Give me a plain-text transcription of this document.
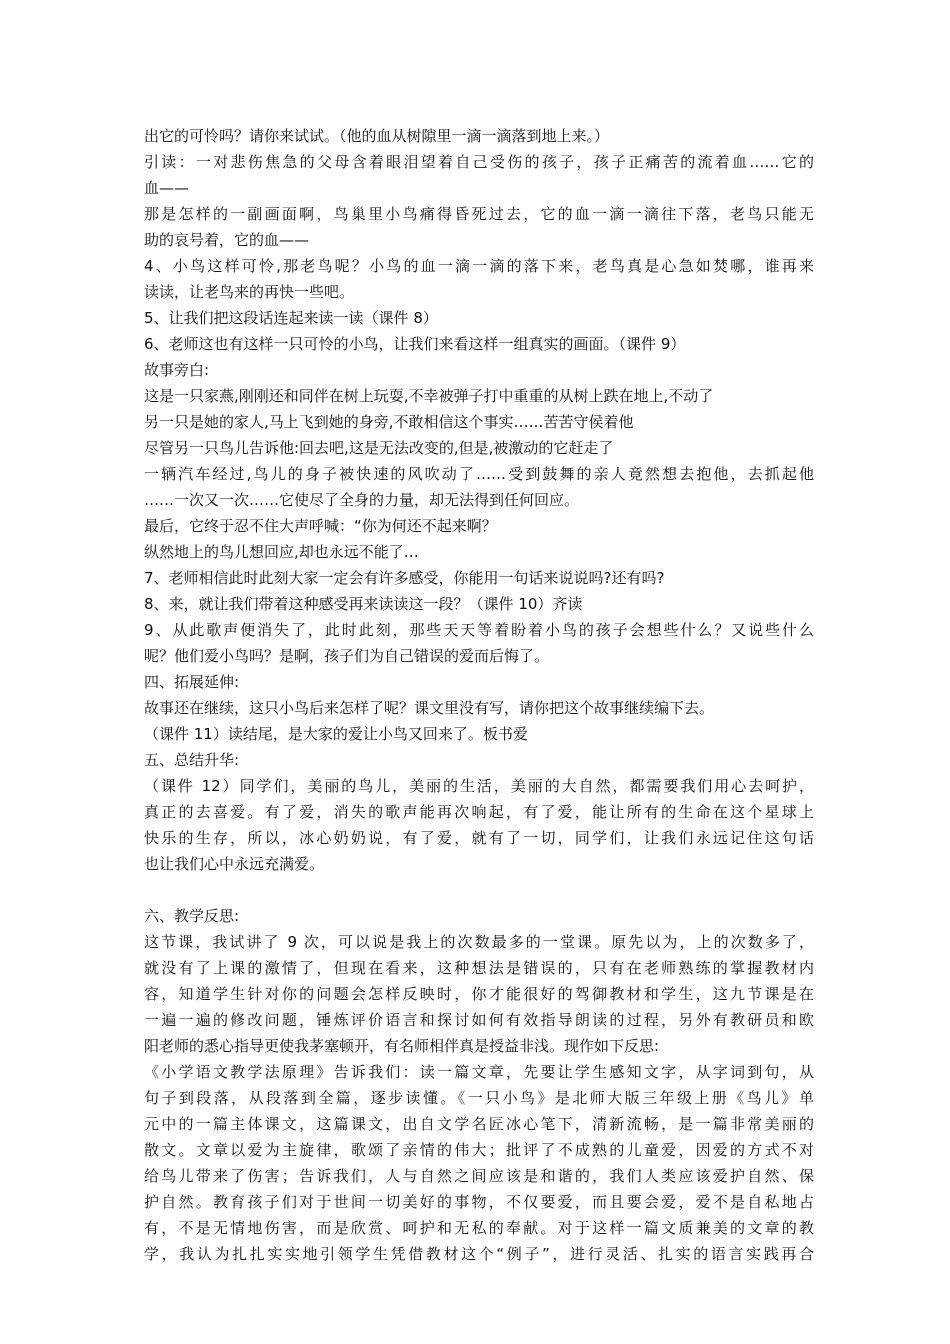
出它的可怜吗？请你来试试。（他的血从树隙里一滴一滴落到地上来。）
引读：一对悲伤焦急的父母含着眼泪望着自己受伤的孩子，孩子正痛苦的流着血……它的
血——
那是怎样的一副画面啊，鸟巢里小鸟痛得昏死过去，它的血一滴一滴往下落，老鸟只能无
助的哀号着，它的血——
4、小鸟这样可怜,那老鸟呢？小鸟的血一滴一滴的落下来，老鸟真是心急如焚哪，谁再来
读读，让老鸟来的再快一些吧。
5、让我们把这段话连起来读一读（课件 8）
6、老师这也有这样一只可怜的小鸟，让我们来看这样一组真实的画面。（课件 9）
故事旁白:
这是一只家燕,刚刚还和同伴在树上玩耍,不幸被弹子打中重重的从树上跌在地上,不动了
另一只是她的家人,马上飞到她的身旁,不敢相信这个事实……苦苦守侯着他
尽管另一只鸟儿告诉他:回去吧,这是无法改变的,但是,被激动的它赶走了
一辆汽车经过,鸟儿的身子被快速的风吹动了……受到鼓舞的亲人竟然想去抱他，去抓起他
……一次又一次……它使尽了全身的力量，却无法得到任何回应。
最后，它终于忍不住大声呼喊：“你为何还不起来啊？
纵然地上的鸟儿想回应,却也永远不能了…
7、老师相信此时此刻大家一定会有许多感受，你能用一句话来说说吗?还有吗?
8、来，就让我们带着这种感受再来读读这一段？（课件 10）齐读
9、从此歌声便消失了，此时此刻，那些天天等着盼着小鸟的孩子会想些什么？又说些什么
呢？他们爱小鸟吗？是啊，孩子们为自己错误的爱而后悔了。
四、拓展延伸:
故事还在继续，这只小鸟后来怎样了呢？课文里没有写，请你把这个故事继续编下去。
（课件 11）读结尾，是大家的爱让小鸟又回来了。板书爱
五、总结升华:
（课件 12）同学们，美丽的鸟儿，美丽的生活，美丽的大自然，都需要我们用心去呵护，
真正的去喜爱。有了爱，消失的歌声能再次响起，有了爱，能让所有的生命在这个星球上
快乐的生存，所以，冰心奶奶说，有了爱，就有了一切，同学们，让我们永远记住这句话
也让我们心中永远充满爱。
六、教学反思:
这节课，我试讲了 9 次，可以说是我上的次数最多的一堂课。原先以为，上的次数多了，
就没有了上课的激情了，但现在看来，这种想法是错误的，只有在老师熟练的掌握教材内
容，知道学生针对你的问题会怎样反映时，你才能很好的驾御教材和学生，这九节课是在
一遍一遍的修改问题，锤炼评价语言和探讨如何有效指导朗读的过程，另外有教研员和欧
阳老师的悉心指导更使我茅塞顿开，有名师相伴真是授益非浅。现作如下反思:
《小学语文教学法原理》告诉我们：读一篇文章，先要让学生感知文字，从字词到句，从
句子到段落，从段落到全篇，逐步读懂。《一只小鸟》是北师大版三年级上册《鸟儿》单
元中的一篇主体课文，这篇课文，出自文学名匠冰心笔下，清新流畅，是一篇非常美丽的
散文。文章以爱为主旋律，歌颂了亲情的伟大；批评了不成熟的儿童爱，因爱的方式不对
给鸟儿带来了伤害；告诉我们，人与自然之间应该是和谐的，我们人类应该爱护自然、保
护自然。教育孩子们对于世间一切美好的事物，不仅要爱，而且要会爱，爱不是自私地占
有，不是无情地伤害，而是欣赏、呵护和无私的奉献。对于这样一篇文质兼美的文章的教
学，我认为扎扎实实地引领学生凭借教材这个“例子”，进行灵活、扎实的语言实践再合
